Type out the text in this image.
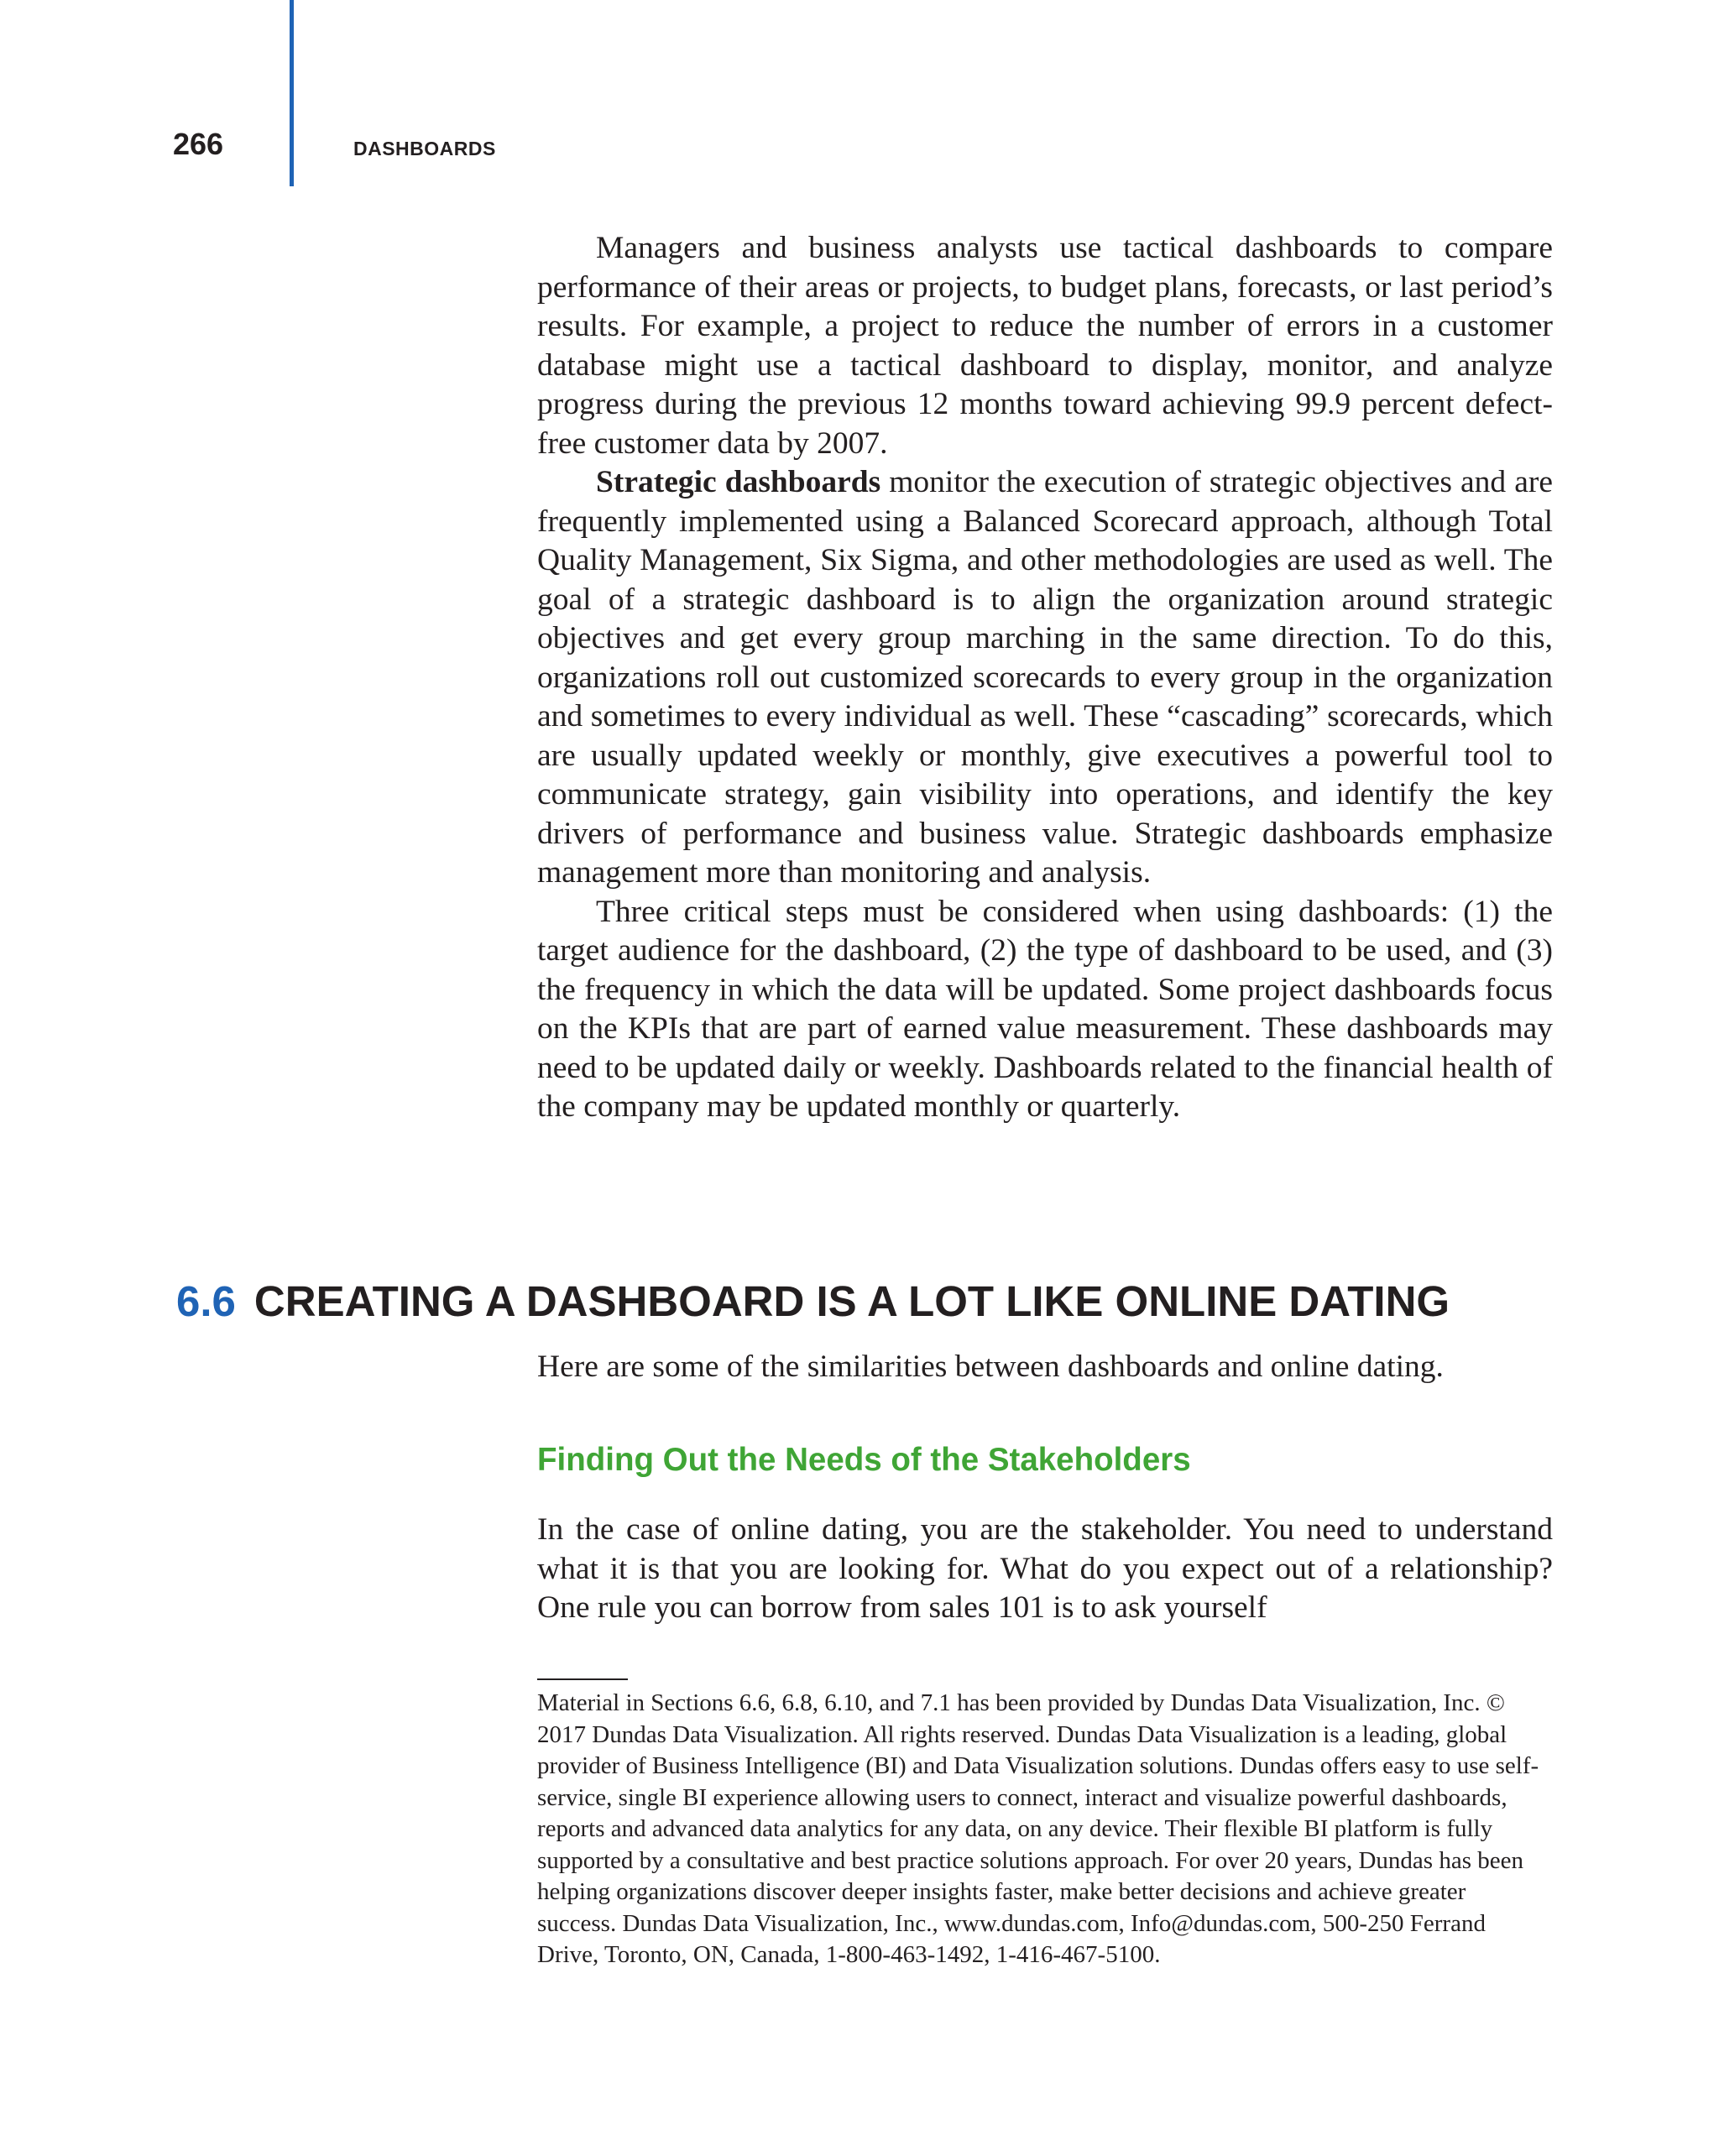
266	DASHBOARDS

Managers and business analysts use tactical dashboards to compare performance of their areas or projects, to budget plans, forecasts, or last period’s results. For example, a project to reduce the number of errors in a customer database might use a tactical dashboard to display, monitor, and analyze progress during the previous 12 months toward achieving 99.9 percent defect-free customer data by 2007.

Strategic dashboards monitor the execution of strategic objectives and are frequently implemented using a Balanced Scorecard approach, although Total Quality Management, Six Sigma, and other methodologies are used as well. The goal of a strategic dashboard is to align the organization around strategic objectives and get every group marching in the same direction. To do this, organizations roll out customized scorecards to every group in the organization and sometimes to every individual as well. These “cascading” scorecards, which are usually updated weekly or monthly, give executives a powerful tool to communicate strategy, gain visibility into operations, and identify the key drivers of performance and business value. Strategic dashboards emphasize management more than monitoring and analysis.

Three critical steps must be considered when using dashboards: (1) the target audience for the dashboard, (2) the type of dashboard to be used, and (3) the frequency in which the data will be updated. Some project dashboards focus on the KPIs that are part of earned value measurement. These dashboards may need to be updated daily or weekly. Dashboards related to the financial health of the company may be updated monthly or quarterly.

6.6 CREATING A DASHBOARD IS A LOT LIKE ONLINE DATING

Here are some of the similarities between dashboards and online dating.

Finding Out the Needs of the Stakeholders

In the case of online dating, you are the stakeholder. You need to understand what it is that you are looking for. What do you expect out of a relationship? One rule you can borrow from sales 101 is to ask yourself

Material in Sections 6.6, 6.8, 6.10, and 7.1 has been provided by Dundas Data Visualization, Inc. © 2017 Dundas Data Visualization. All rights reserved. Dundas Data Visualization is a leading, global provider of Business Intelligence (BI) and Data Visualization solutions. Dundas offers easy to use self-service, single BI experience allowing users to connect, interact and visualize powerful dashboards, reports and advanced data analytics for any data, on any device. Their flexible BI platform is fully supported by a consultative and best practice solutions approach. For over 20 years, Dundas has been helping organizations discover deeper insights faster, make better decisions and achieve greater success. Dundas Data Visualization, Inc., www.dundas.com, Info@dundas.com, 500-250 Ferrand Drive, Toronto, ON, Canada, 1-800-463-1492, 1-416-467-5100.
